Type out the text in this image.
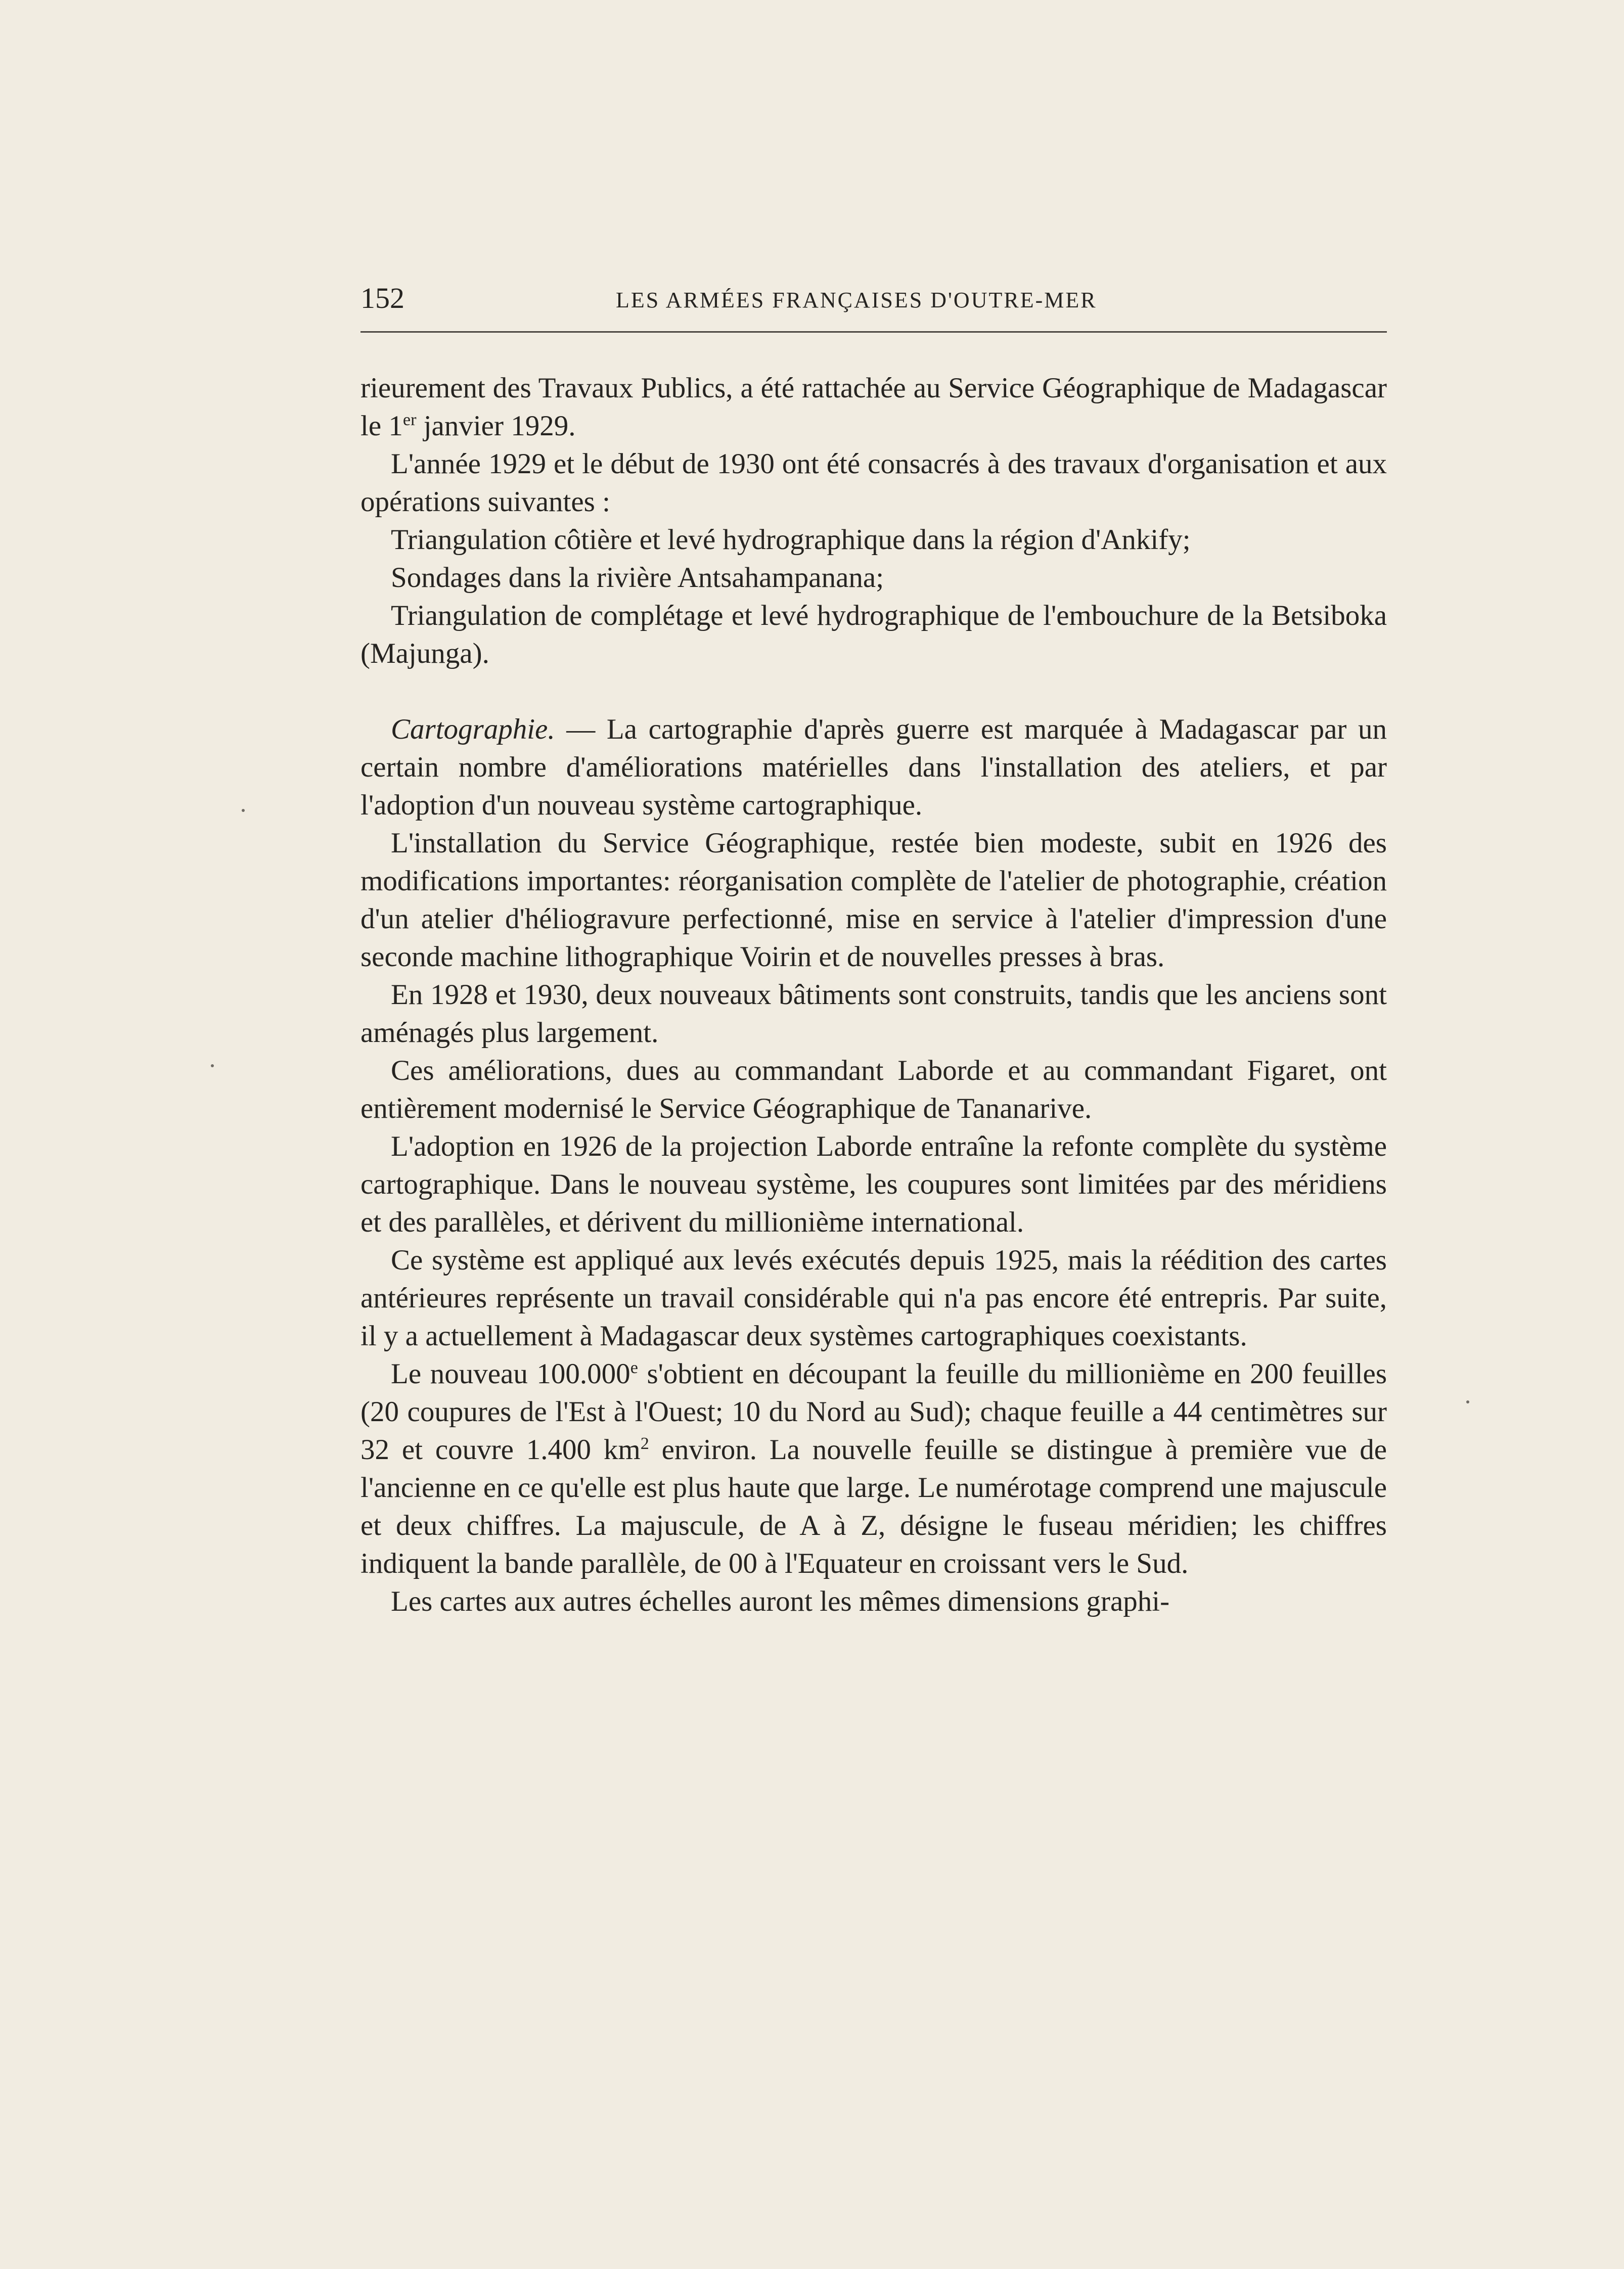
152	LES ARMÉES FRANÇAISES D'OUTRE-MER

rieurement des Travaux Publics, a été rattachée au Service Géographique de Madagascar le 1er janvier 1929.

L'année 1929 et le début de 1930 ont été consacrés à des travaux d'organisation et aux opérations suivantes :

Triangulation côtière et levé hydrographique dans la région d'Ankify;

Sondages dans la rivière Antsahampanana;

Triangulation de complétage et levé hydrographique de l'embouchure de la Betsiboka (Majunga).

Cartographie. — La cartographie d'après guerre est marquée à Madagascar par un certain nombre d'améliorations matérielles dans l'installation des ateliers, et par l'adoption d'un nouveau système cartographique.

L'installation du Service Géographique, restée bien modeste, subit en 1926 des modifications importantes: réorganisation complète de l'atelier de photographie, création d'un atelier d'héliogravure perfectionné, mise en service à l'atelier d'impression d'une seconde machine lithographique Voirin et de nouvelles presses à bras.

En 1928 et 1930, deux nouveaux bâtiments sont construits, tandis que les anciens sont aménagés plus largement.

Ces améliorations, dues au commandant Laborde et au commandant Figaret, ont entièrement modernisé le Service Géographique de Tananarive.

L'adoption en 1926 de la projection Laborde entraîne la refonte complète du système cartographique. Dans le nouveau système, les coupures sont limitées par des méridiens et des parallèles, et dérivent du millionième international.

Ce système est appliqué aux levés exécutés depuis 1925, mais la réédition des cartes antérieures représente un travail considérable qui n'a pas encore été entrepris. Par suite, il y a actuellement à Madagascar deux systèmes cartographiques coexistants.

Le nouveau 100.000e s'obtient en découpant la feuille du millionième en 200 feuilles (20 coupures de l'Est à l'Ouest; 10 du Nord au Sud); chaque feuille a 44 centimètres sur 32 et couvre 1.400 $km^2$ environ. La nouvelle feuille se distingue à première vue de l'ancienne en ce qu'elle est plus haute que large. Le numérotage comprend une majuscule et deux chiffres. La majuscule, de A à Z, désigne le fuseau méridien; les chiffres indiquent la bande parallèle, de 00 à l'Equateur en croissant vers le Sud.

Les cartes aux autres échelles auront les mêmes dimensions graphi-
